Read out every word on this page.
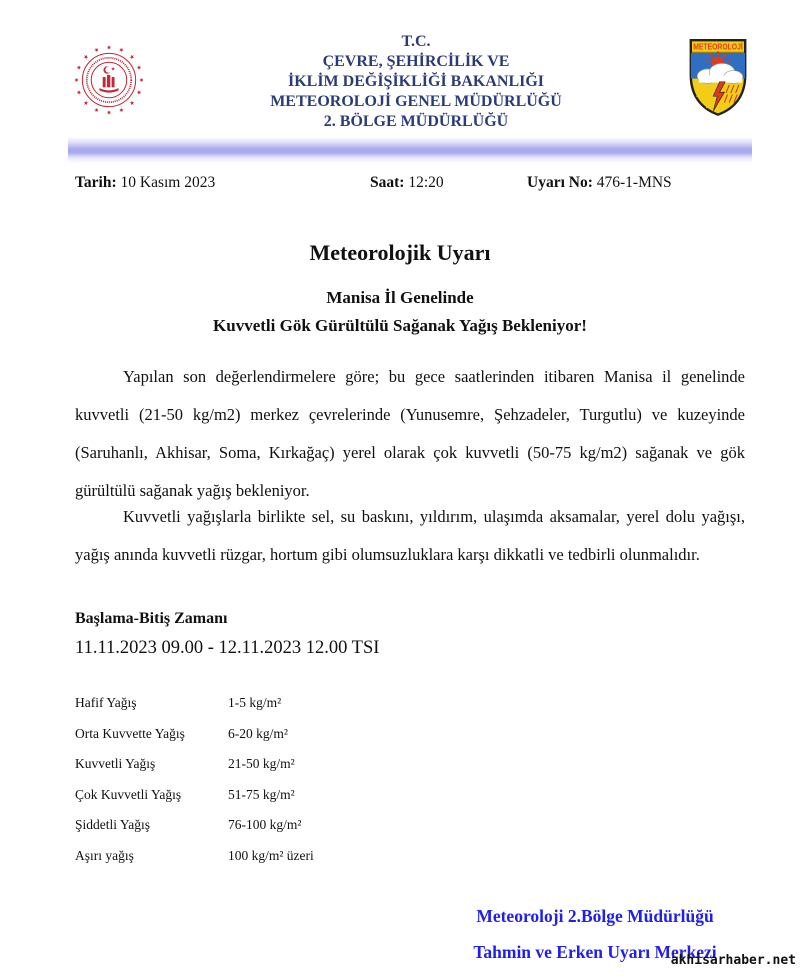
T.C.
ÇEVRE, ŞEHİRCİLİK VE
İKLİM DEĞİŞİKLİĞİ BAKANLIĞI
METEOROLOJİ GENEL MÜDÜRLÜĞÜ
2. BÖLGE MÜDÜRLÜĞÜ
METEOROLOJİ
Tarih: 10 Kasım 2023	Saat: 12:20	Uyarı No: 476-1-MNS
Meteorolojik Uyarı
Manisa İl Genelinde
Kuvvetli Gök Gürültülü Sağanak Yağış Bekleniyor!

Yapılan son değerlendirmelere göre; bu gece saatlerinden itibaren Manisa il genelinde kuvvetli (21-50 kg/m2) merkez çevrelerinde (Yunusemre, Şehzadeler, Turgutlu) ve kuzeyinde (Saruhanlı, Akhisar, Soma, Kırkağaç) yerel olarak çok kuvvetli (50-75 kg/m2) sağanak ve gök gürültülü sağanak yağış bekleniyor.

Kuvvetli yağışlarla birlikte sel, su baskını, yıldırım, ulaşımda aksamalar, yerel dolu yağışı, yağış anında kuvvetli rüzgar, hortum gibi olumsuzluklara karşı dikkatli ve tedbirli olunmalıdır.

Başlama-Bitiş Zamanı
11.11.2023 09.00 - 12.11.2023 12.00 TSI
Hafif Yağış	1-5 kg/m²
Orta Kuvvette Yağış	6-20 kg/m²
Kuvvetli Yağış	21-50 kg/m²
Çok Kuvvetli Yağış	51-75 kg/m²
Şiddetli Yağış	76-100 kg/m²
Aşırı yağış	100 kg/m² üzeri
Meteoroloji 2.Bölge Müdürlüğü
Tahmin ve Erken Uyarı Merkezi
akhisarhaber.net
